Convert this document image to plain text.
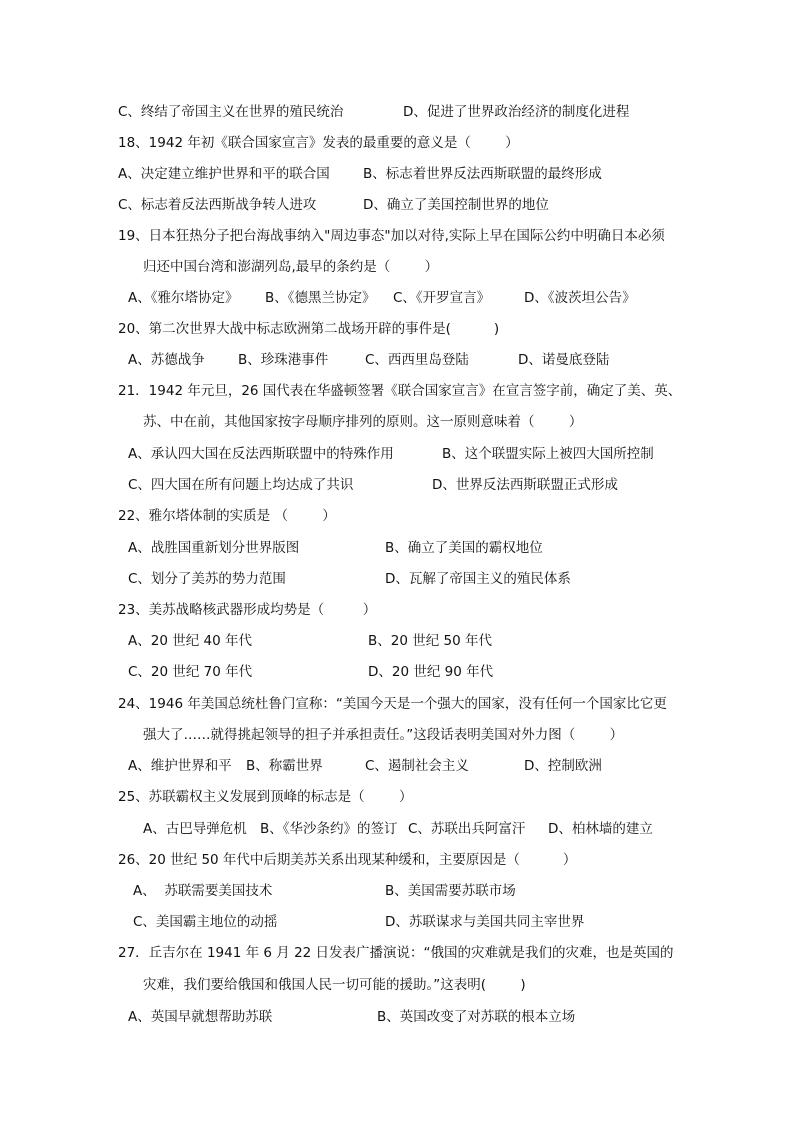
C、终结了帝国主义在世界的殖民统治	D、促进了世界政治经济的制度化进程
18、1942 年初《联合国家宣言》发表的最重要的意义是（        ）
A、决定建立维护世界和平的联合国 B、标志着世界反法西斯联盟的最终形成
C、标志着反法西斯战争转人进攻	D、确立了美国控制世界的地位
19、日本狂热分子把台海战事纳入"周边事态"加以对待,实际上早在国际公约中明确日本必须
归还中国台湾和澎湖列岛,最早的条约是（        ）
A、《雅尔塔协定》 B、《德黑兰协定》 C、《开罗宣言》	D、《波茨坦公告》
20、第二次世界大战中标志欧洲第二战场开辟的事件是(          )
A、苏德战争 B、珍珠港事件	C、西西里岛登陆	D、诺曼底登陆
21．1942 年元旦，26 国代表在华盛顿签署《联合国家宣言》在宣言签字前，确定了美、英、
苏、中在前，其他国家按字母顺序排列的原则。这一原则意味着（        ）
A、承认四大国在反法西斯联盟中的特殊作用	B、这个联盟实际上被四大国所控制
C、四大国在所有问题上均达成了共识	D、世界反法西斯联盟正式形成
22、雅尔塔体制的实质是 （        ）
A、战胜国重新划分世界版图	B、确立了美国的霸权地位
C、划分了美苏的势力范围	D、瓦解了帝国主义的殖民体系
23、美苏战略核武器形成均势是（         ）
A、20 世纪 40 年代	B、20 世纪 50 年代
C、20 世纪 70 年代	D、20 世纪 90 年代
24、1946 年美国总统杜鲁门宣称：“美国今天是一个强大的国家，没有任何一个国家比它更
强大了……就得挑起领导的担子并承担责任。”这段话表明美国对外力图（        ）
A、维护世界和平 B、称霸世界	C、遏制社会主义	D、控制欧洲
25、苏联霸权主义发展到顶峰的标志是（        ）
A、古巴导弹危机 B、《华沙条约》的签订 C、苏联出兵阿富汗 D、柏林墙的建立
26、20 世纪 50 年代中后期美苏关系出现某种缓和，主要原因是（          ）
A、  苏联需要美国技术	B、美国需要苏联市场
C、美国霸主地位的动摇	D、苏联谋求与美国共同主宰世界
27．丘吉尔在 1941 年 6 月 22 日发表广播演说：“俄国的灾难就是我们的灾难，也是英国的
灾难，我们要给俄国和俄国人民一切可能的援助。”这表明(        )
A、英国早就想帮助苏联	B、英国改变了对苏联的根本立场
